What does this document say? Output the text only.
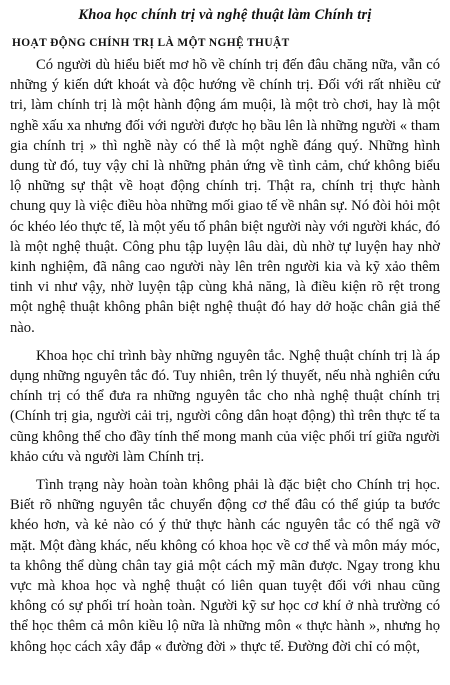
Khoa học chính trị và nghệ thuật làm Chính trị
HOẠT ĐỘNG CHÍNH TRỊ LÀ MỘT NGHỆ THUẬT

Có người dù hiểu biết mơ hồ về chính trị đến đâu chăng nữa, vẫn có những ý kiến dứt khoát và độc hướng về chính trị. Đối với rất nhiều cử tri, làm chính trị là một hành động ám muội, là một trò chơi, hay là một nghề xấu xa nhưng đối với người được họ bầu lên là những người « tham gia chính trị » thì nghề này có thể là một nghề đáng quý. Những hình dung từ đó, tuy vậy chỉ là những phản ứng về tình cảm, chứ không biểu lộ những sự thật về hoạt động chính trị. Thật ra, chính trị thực hành chung quy là việc điều hòa những mối giao tế về nhân sự. Nó đòi hỏi một óc khéo léo thực tế, là một yếu tố phân biệt người này với người khác, đó là một nghệ thuật. Công phu tập luyện lâu dài, dù nhờ tự luyện hay nhờ kinh nghiệm, đã nâng cao người này lên trên người kia và kỹ xảo thêm tinh vi như vậy, nhờ luyện tập cùng khả năng, là điều kiện rõ rệt trong một nghệ thuật không phân biệt nghệ thuật đó hay dở hoặc chân giả thế nào.

Khoa học chỉ trình bày những nguyên tắc. Nghệ thuật chính trị là áp dụng những nguyên tắc đó. Tuy nhiên, trên lý thuyết, nếu nhà nghiên cứu chính trị có thể đưa ra những nguyên tắc cho nhà nghệ thuật chính trị (Chính trị gia, người cải trị, người công dân hoạt động) thì trên thực tế ta cũng không thể cho đầy tính thế mong manh của việc phối trí giữa người khảo cứu và người làm Chính trị.

Tình trạng này hoàn toàn không phải là đặc biệt cho Chính trị học. Biết rõ những nguyên tắc chuyển động cơ thể đâu có thể giúp ta bước khéo hơn, và kẻ nào có ý thử thực hành các nguyên tắc có thể ngã vỡ mặt. Một đàng khác, nếu không có khoa học về cơ thể và môn máy móc, ta không thể dùng chân tay giả một cách mỹ mãn được. Ngay trong khu vực mà khoa học và nghệ thuật có liên quan tuyệt đối với nhau cũng không có sự phối trí hoàn toàn. Người kỹ sư học cơ khí ở nhà trường có thể học thêm cả môn kiều lộ nữa là những môn « thực hành », nhưng họ không học cách xây đắp « đường đời » thực tế. Đường đời chỉ có một,
